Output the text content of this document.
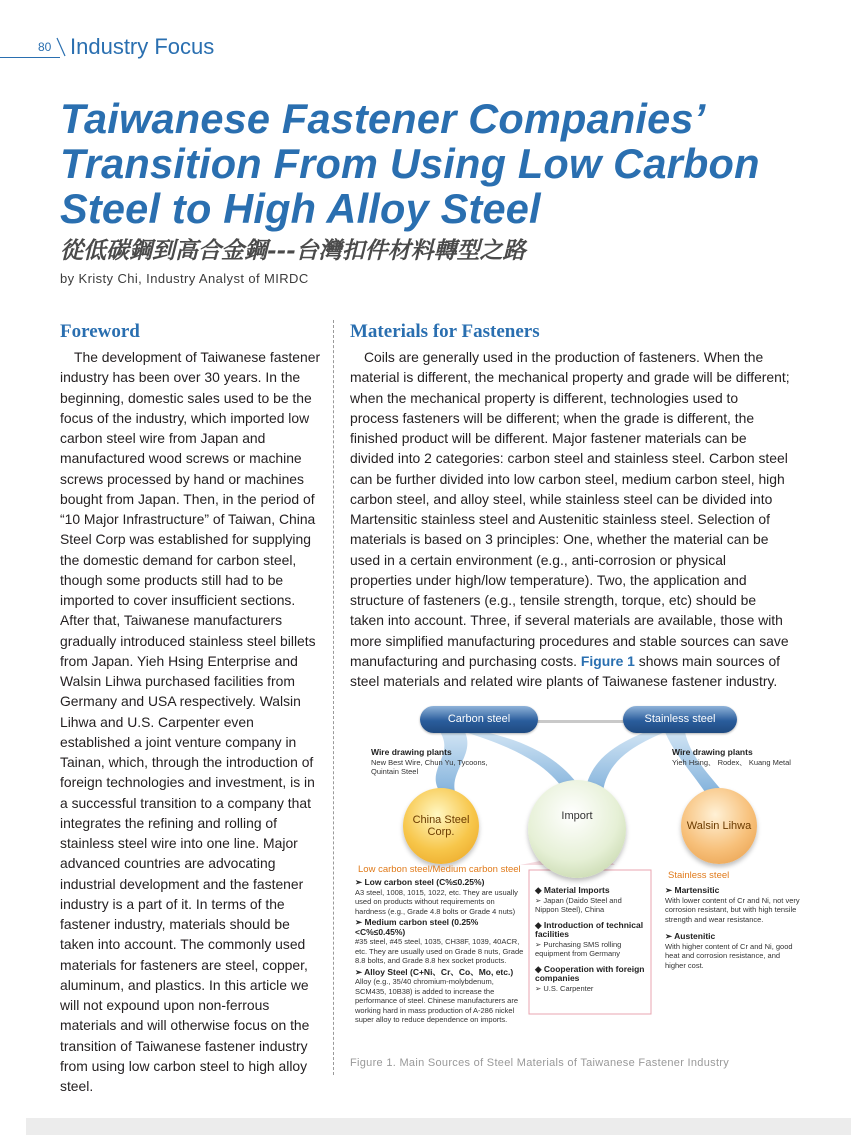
80 Industry Focus
Taiwanese Fastener Companies’ Transition From Using Low Carbon Steel to High Alloy Steel
從低碳鋼到高合金鋼---台灣扣件材料轉型之路
by Kristy Chi, Industry Analyst of MIRDC
Foreword

The development of Taiwanese fastener industry has been over 30 years. In the beginning, domestic sales used to be the focus of the industry, which imported low carbon steel wire from Japan and manufactured wood screws or machine screws processed by hand or machines bought from Japan. Then, in the period of “10 Major Infrastructure” of Taiwan, China Steel Corp was established for supplying the domestic demand for carbon steel, though some products still had to be imported to cover insufficient sections. After that, Taiwanese manufacturers gradually introduced stainless steel billets from Japan. Yieh Hsing Enterprise and Walsin Lihwa purchased facilities from Germany and USA respectively. Walsin Lihwa and U.S. Carpenter even established a joint venture company in Tainan, which, through the introduction of foreign technologies and investment, is in a successful transition to a company that integrates the refining and rolling of stainless steel wire into one line. Major advanced countries are advocating industrial development and the fastener industry is a part of it. In terms of the fastener industry, materials should be taken into account. The commonly used materials for fasteners are steel, copper, aluminum, and plastics. In this article we will not expound upon non-ferrous materials and will otherwise focus on the transition of Taiwanese fastener industry from using low carbon steel to high alloy steel.

Materials for Fasteners

Coils are generally used in the production of fasteners. When the material is different, the mechanical property and grade will be different; when the mechanical property is different, technologies used to process fasteners will be different; when the grade is different, the finished product will be different. Major fastener materials can be divided into 2 categories: carbon steel and stainless steel. Carbon steel can be further divided into low carbon steel, medium carbon steel, high carbon steel, and alloy steel, while stainless steel can be divided into Martensitic stainless steel and Austenitic stainless steel. Selection of materials is based on 3 principles: One, whether the material can be used in a certain environment (e.g., anti-corrosion or physical properties under high/low temperature). Two, the application and structure of fasteners (e.g., tensile strength, torque, etc) should be taken into account. Three, if several materials are available, those with more simplified manufacturing procedures and stable sources can save manufacturing and purchasing costs. Figure 1 shows main sources of steel materials and related wire plants of Taiwanese fastener industry.

Carbon steel	Stainless steel
Wire drawing plants
New Best Wire, Chun Yu, Tycoons, Quintain Steel
Wire drawing plants
Yieh Hsing、 Rodex、 Kuang Metal
China Steel Corp.
Import
Walsin Lihwa
Low carbon steel/Medium carbon steel
➢ Low carbon steel (C%≤0.25%)
A3 steel, 1008, 1015, 1022, etc. They are usually used on products without requirements on hardness (e.g., Grade 4.8 bolts or Grade 4 nuts)
➢ Medium carbon steel (0.25%<C%≤0.45%)
#35 steel, #45 steel, 1035, CH38F, 1039, 40ACR, etc. They are usually used on Grade 8 nuts, Grade 8.8 bolts, and Grade 8.8 hex socket products.
➢ Alloy Steel (C+Ni、Cr、Co、Mo, etc.)
Alloy (e.g., 35/40 chromium-molybdenum, SCM435, 10B38) is added to increase the performance of steel. Chinese manufacturers are working hard in mass production of A-286 nickel super alloy to reduce dependence on imports.
◆ Material Imports
➢ Japan (Daido Steel and Nippon Steel), China
◆ Introduction of technical facilities
➢ Purchasing SMS rolling equipment from Germany
◆ Cooperation with foreign companies
➢ U.S. Carpenter
Stainless steel
➢ Martensitic
With lower content of Cr and Ni, not very corrosion resistant, but with high tensile strength and wear resistance.
➢ Austenitic
With higher content of Cr and Ni, good heat and corrosion resistance, and higher cost.
Figure 1. Main Sources of Steel Materials of Taiwanese Fastener Industry
